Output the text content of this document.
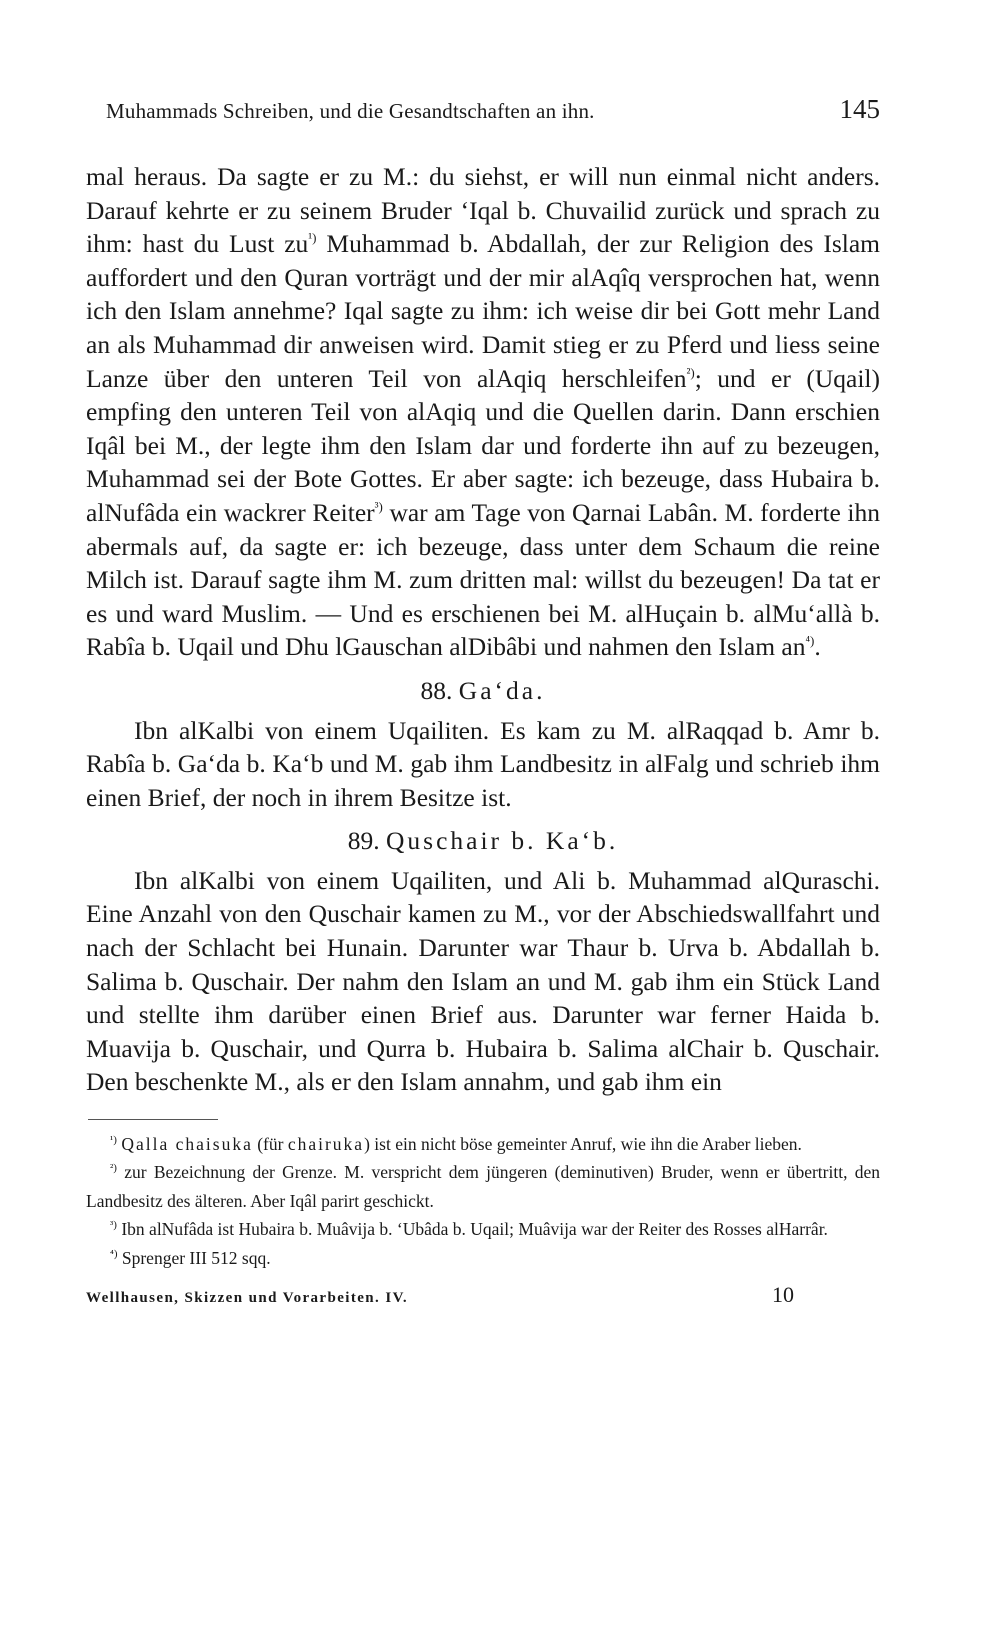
Muhammads Schreiben, und die Gesandtschaften an ihn.	145

mal heraus. Da sagte er zu M.: du siehst, er will nun einmal nicht anders. Darauf kehrte er zu seinem Bruder ‘Iqal b. Chuvailid zurück und sprach zu ihm: hast du Lust $zu^{^1)}$ Muhammad b. Abdallah, der zur Religion des Islam auffordert und den Quran vorträgt und der mir alAqîq versprochen hat, wenn ich den Islam annehme? Iqal sagte zu ihm: ich weise dir bei Gott mehr Land an als Muhammad dir anweisen wird. Damit stieg er zu Pferd und liess seine Lanze über den unteren Teil von alAqiq herschleifen$^{^2)}$; und er (Uqail) empfing den unteren Teil von alAqiq und die Quellen darin. Dann erschien Iqâl bei M., der legte ihm den Islam dar und forderte ihn auf zu bezeugen, Muhammad sei der Bote Gottes. Er aber sagte: ich bezeuge, dass Hubaira b. alNufâda ein wackrer Reiter$^{^3)}$ war am Tage von Qarnai Labân. M. forderte ihn abermals auf, da sagte er: ich bezeuge, dass unter dem Schaum die reine Milch ist. Darauf sagte ihm M. zum dritten mal: willst du bezeugen! Da tat er es und ward Muslim. — Und es erschienen bei M. alHuçain b. alMu‘allà b. Rabîa b. Uqail und Dhu lGauschan alDibâbi und nahmen den Islam $an^{^4)}$.

88. Ga‘da.

Ibn alKalbi von einem Uqailiten. Es kam zu M. alRaqqad b. Amr b. Rabîa b. Ga‘da b. Ka‘b und M. gab ihm Landbesitz in alFalg und schrieb ihm einen Brief, der noch in ihrem Besitze ist.

89. Quschair b. Ka‘b.

Ibn alKalbi von einem Uqailiten, und Ali b. Muhammad alQuraschi. Eine Anzahl von den Quschair kamen zu M., vor der Abschiedswallfahrt und nach der Schlacht bei Hunain. Darunter war Thaur b. Urva b. Abdallah b. Salima b. Quschair. Der nahm den Islam an und M. gab ihm ein Stück Land und stellte ihm darüber einen Brief aus. Darunter war ferner Haida b. Muavija b. Quschair, und Qurra b. Hubaira b. Salima alChair b. Quschair. Den beschenkte M., als er den Islam annahm, und gab ihm ein

$^{^1)}$ Qalla chaisuka (für chairuka) ist ein nicht böse gemeinter Anruf, wie ihn die Araber lieben.

$^{^2)}$ zur Bezeichnung der Grenze. M. verspricht dem jüngeren (deminutiven) Bruder, wenn er übertritt, den Landbesitz des älteren. Aber Iqâl parirt geschickt.

$^{^3)}$ Ibn alNufâda ist Hubaira b. Muâvija b. ‘Ubâda b. Uqail; Muâvija war der Reiter des Rosses alHarrâr.

$^{^4)}$ Sprenger III 512 sqq.

Wellhausen, Skizzen und Vorarbeiten. IV.	10
